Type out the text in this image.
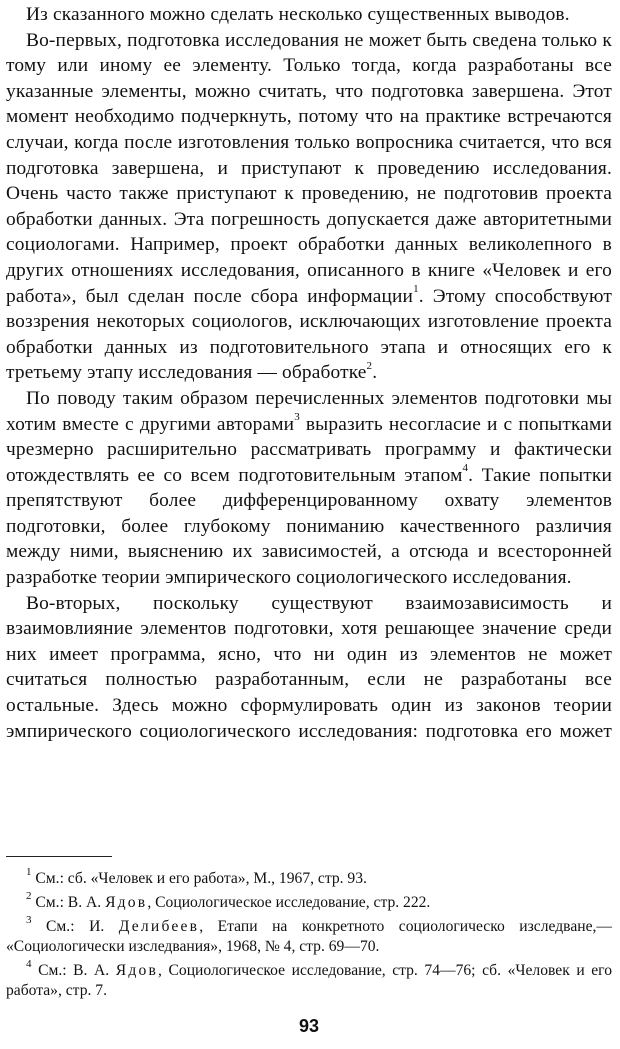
Из сказанного можно сделать несколько существенных выводов.

Во-первых, подготовка исследования не может быть сведена только к тому или иному ее элементу. Только тогда, когда разработаны все указанные элементы, можно считать, что подготовка завершена. Этот момент необходимо подчеркнуть, потому что на практике встречаются случаи, когда после изготовления только вопросника считается, что вся подготовка завершена, и приступают к проведению исследования. Очень часто также приступают к проведению, не подготовив проекта обработки данных. Эта погрешность допускается даже авторитетными социологами. Например, проект обработки данных великолепного в других отношениях исследования, описанного в книге «Человек и его работа», был сделан после сбора информации$^1$. Этому способствуют воззрения некоторых социологов, исключающих изготовление проекта обработки данных из подготовительного этапа и относящих его к третьему этапу исследования — обработке$^2$.

По поводу таким образом перечисленных элементов подготовки мы хотим вместе с другими авторами$^3$ выразить несогласие и с попытками чрезмерно расширительно рассматривать программу и фактически отождествлять ее со всем подготовительным этапом$^4$. Такие попытки препятствуют более дифференцированному охвату элементов подготовки, более глубокому пониманию качественного различия между ними, выяснению их зависимостей, а отсюда и всесторонней разработке теории эмпирического социологического исследования.

Во-вторых, поскольку существуют взаимозависимость и взаимовлияние элементов подготовки, хотя решающее значение среди них имеет программа, ясно, что ни один из элементов не может считаться полностью разработанным, если не разработаны все остальные. Здесь можно сформулировать один из законов теории эмпирического социологического исследования: подготовка его может

$^1$ См.: сб. «Человек и его работа», М., 1967, стр. 93.

$^2$ См.: В. А. Ядов, Социологическое исследование, стр. 222.

$^3$ См.: И. Делибеев, Етапи на конкретното социологическо изследване,— «Социологически изследвания», 1968, № 4, стр. 69—70.

$^4$ См.: В. А. Ядов, Социологическое исследование, стр. 74—76; сб. «Человек и его работа», стр. 7.

93
